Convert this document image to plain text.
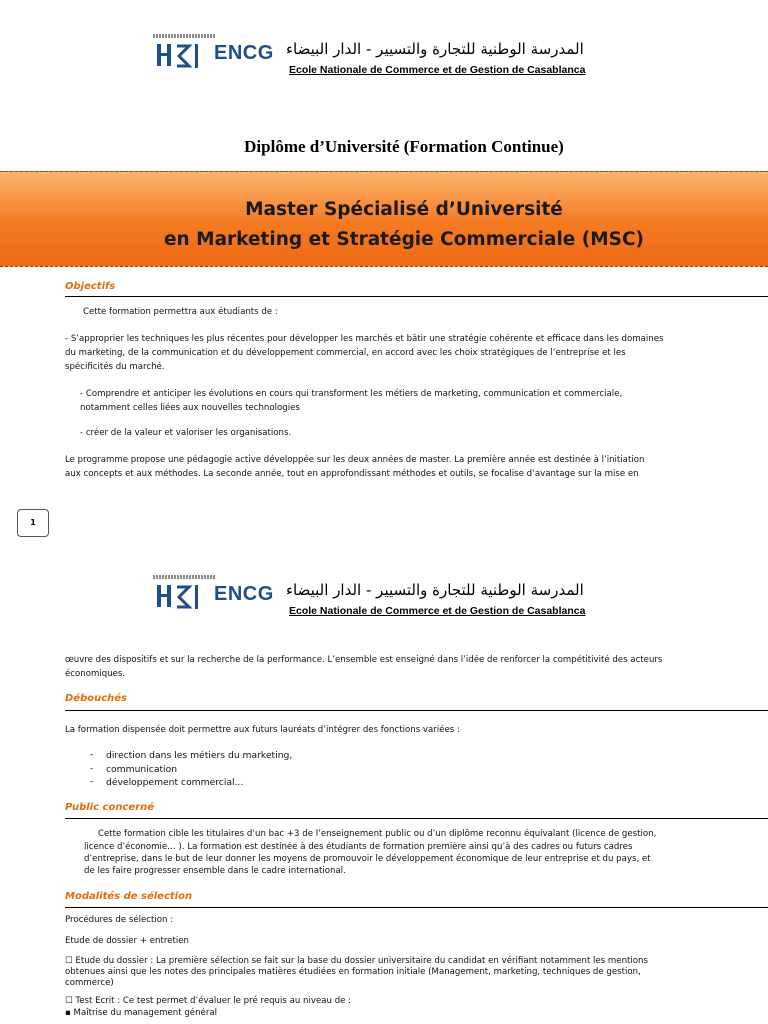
ENCG المدرسة الوطنية للتجارة والتسيير - الدار البيضاء
Ecole Nationale de Commerce et de Gestion de Casablanca
Diplôme d’Université (Formation Continue)
Master Spécialisé d’Université
en Marketing et Stratégie Commerciale (MSC)
Objectifs
Cette formation permettra aux étudiants de :
- S’approprier les techniques les plus récentes pour développer les marchés et bâtir une stratégie cohérente et efficace dans les domaines
du marketing, de la communication et du développement commercial, en accord avec les choix stratégiques de l’entreprise et les
spécificités du marché.
- Comprendre et anticiper les évolutions en cours qui transforment les métiers de marketing, communication et commerciale,
notamment celles liées aux nouvelles technologies
- créer de la valeur et valoriser les organisations.
Le programme propose une pédagogie active développée sur les deux années de master. La première année est destinée à l’initiation
aux concepts et aux méthodes. La seconde année, tout en approfondissant méthodes et outils, se focalise d’avantage sur la mise en
1
ENCG المدرسة الوطنية للتجارة والتسيير - الدار البيضاء
Ecole Nationale de Commerce et de Gestion de Casablanca
œuvre des dispositifs et sur la recherche de la performance. L’ensemble est enseigné dans l’idée de renforcer la compétitivité des acteurs
économiques.
Débouchés
La formation dispensée doit permettre aux futurs lauréats d’intégrer des fonctions variées :
- direction dans les métiers du marketing,
- communication
- développement commercial...
Public concerné
Cette formation cible les titulaires d’un bac +3 de l’enseignement public ou d’un diplôme reconnu équivalant (licence de gestion,
licence d’économie… ). La formation est destinée à des étudiants de formation première ainsi qu’à des cadres ou futurs cadres
d’entreprise, dans le but de leur donner les moyens de promouvoir le développement économique de leur entreprise et du pays, et
de les faire progresser ensemble dans le cadre international.
Modalités de sélection
Procédures de sélection :
Etude de dossier + entretien
☐ Etude du dossier : La première sélection se fait sur la base du dossier universitaire du candidat en vérifiant notamment les mentions
obtenues ainsi que les notes des principales matières étudiées en formation initiale (Management, marketing, techniques de gestion,
commerce)
☐ Test Ecrit : Ce test permet d’évaluer le pré requis au niveau de :
▪ Maîtrise du management général
